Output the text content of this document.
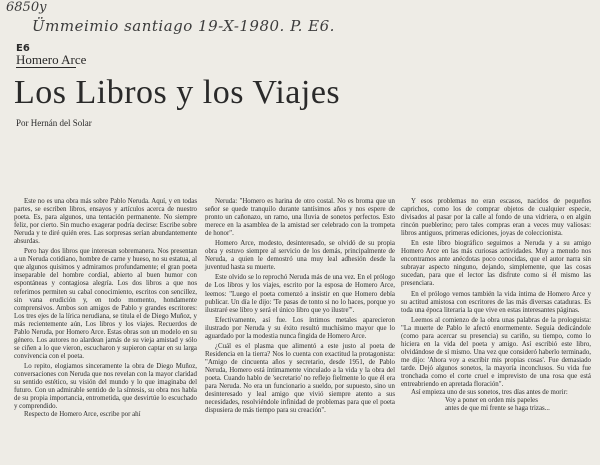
6850y
Ümmeimio santiago 19-X-1980. P. E6.
E6
Homero Arce
Los Libros y los Viajes
Por Hernán del Solar

Este no es una obra más sobre Pablo Neruda. Aquí, y en todas partes, se escriben libros, ensayos y artículos acerca de nuestro poeta. Es, para algunos, una tentación permanente. No siempre feliz, por cierto. Sin mucho exagerar podría decirse: Escribe sobre Neruda y te diré quién eres. Las sorpresas serían abundantemente absurdas.

Pero hay dos libros que interesan sobremanera. Nos presentan a un Neruda cotidiano, hombre de carne y hueso, no su estatua, al que algunos quisimos y admiramos profundamente; el gran poeta inseparable del hombre cordial, abierto al buen humor con espontáneas y contagiosa alegría. Los dos libros a que nos referimos permiten su cabal conocimiento, escritos con sencillez, sin vana erudición y, en todo momento, hondamente comprensivos. Ambos son amigos de Pablo y grandes escritores: Los tres ejes de la lírica nerudiana, se titula el de Diego Muñoz, y más recientemente aún, Los libros y los viajes. Recuerdos de Pablo Neruda, por Homero Arce. Estas obras son un modelo en su género. Los autores no alardean jamás de su vieja amistad y sólo se ciñen a lo que vieron, escucharon y supieron captar en su larga convivencia con el poeta.

Lo repito, elogiamos sinceramente la obra de Diego Muñoz, conversaciones con Neruda que nos revelan con la mayor claridad su sentido estético, su visión del mundo y lo que imaginaba del futuro. Con un admirable sentido de la síntesis, su obra nos habla de su propia importancia, entrometida, que desvirtúe lo escuchado y comprendido.

Respecto de Homero Arce, escribe por ahí

Neruda: "Homero es harina de otro costal. No es broma que un señor se quede tranquilo durante tantísimos años y nos espere de pronto un cañonazo, un ramo, una lluvia de sonetos perfectos. Esto merece en la asamblea de la amistad ser celebrado con la trompeta de honor".

Homero Arce, modesto, desinteresado, se olvidó de su propia obra y estuvo siempre al servicio de los demás, principalmente de Neruda, a quien le demostró una muy leal adhesión desde la juventud hasta su muerte.

Este olvido se lo reprochó Neruda más de una vez. En el prólogo de Los libros y los viajes, escrito por la esposa de Homero Arce, leemos: "Luego el poeta comenzó a insistir en que Homero debía publicar. Un día le dijo: 'Te pasas de tonto si no lo haces, porque yo ilustraré ese libro y será el único libro que yo ilustre'".

Efectivamente, así fue. Los íntimos metales aparecieron ilustrado por Neruda y su éxito resultó muchísimo mayor que lo aguardado por la modestia nunca fingida de Homero Arce.

¿Cuál es el plasma que alimentó a este justo al poeta de Residencia en la tierra? Nos lo cuenta con exactitud la protagonista: "Amigo de cincuenta años y secretario, desde 1951, de Pablo Neruda, Homero está íntimamente vinculado a la vida y la obra del poeta. Cuando hablo de 'secretario' no reflejo fielmente lo que él era para Neruda. No era un funcionario a sueldo, por supuesto, sino un desinteresado y leal amigo que vivió siempre atento a sus necesidades, resolviéndole infinidad de problemas para que el poeta dispusiera de más tiempo para su creación".

Y esos problemas no eran escasos, nacidos de pequeños caprichos, como los de comprar objetos de cualquier especie, divisados al pasar por la calle al fondo de una vidriera, o en algún rincón pueblerino; pero tales compras eran a veces muy valiosas: libros antiguos, primeras ediciones, joyas de coleccionista.

En este libro biográfico seguimos a Neruda y a su amigo Homero Arce en las más curiosas actividades. Muy a menudo nos encontramos ante anécdotas poco conocidas, que el autor narra sin subrayar aspecto ninguno, dejando, simplemente, que las cosas sucedan, para que el lector las disfrute como si él mismo las presenciara.

En el prólogo vemos también la vida íntima de Homero Arce y su actitud amistosa con escritores de las más diversas cataduras. Es toda una época literaria la que vive en estas interesantes páginas.

Leemos al comienzo de la obra unas palabras de la prologuista: "La muerte de Pablo le afectó enormemente. Seguía dedicándole (como para acercar su presencia) su cariño, su tiempo, como lo hiciera en la vida del poeta y amigo. Así escribió este libro, olvidándose de sí mismo. Una vez que consideró haberlo terminado, me dijo: 'Ahora voy a escribir mis propias cosas'. Fue demasiado tarde. Dejó algunos sonetos, la mayoría inconclusos. Su vida fue tronchada como el corte cruel e imprevisto de una rosa que está entreabriendo en apretada floración".

Así empieza uno de sus sonetos, tres días antes de morir:

Voy a poner en orden mis papeles

antes de que mi frente se haga trizas...
